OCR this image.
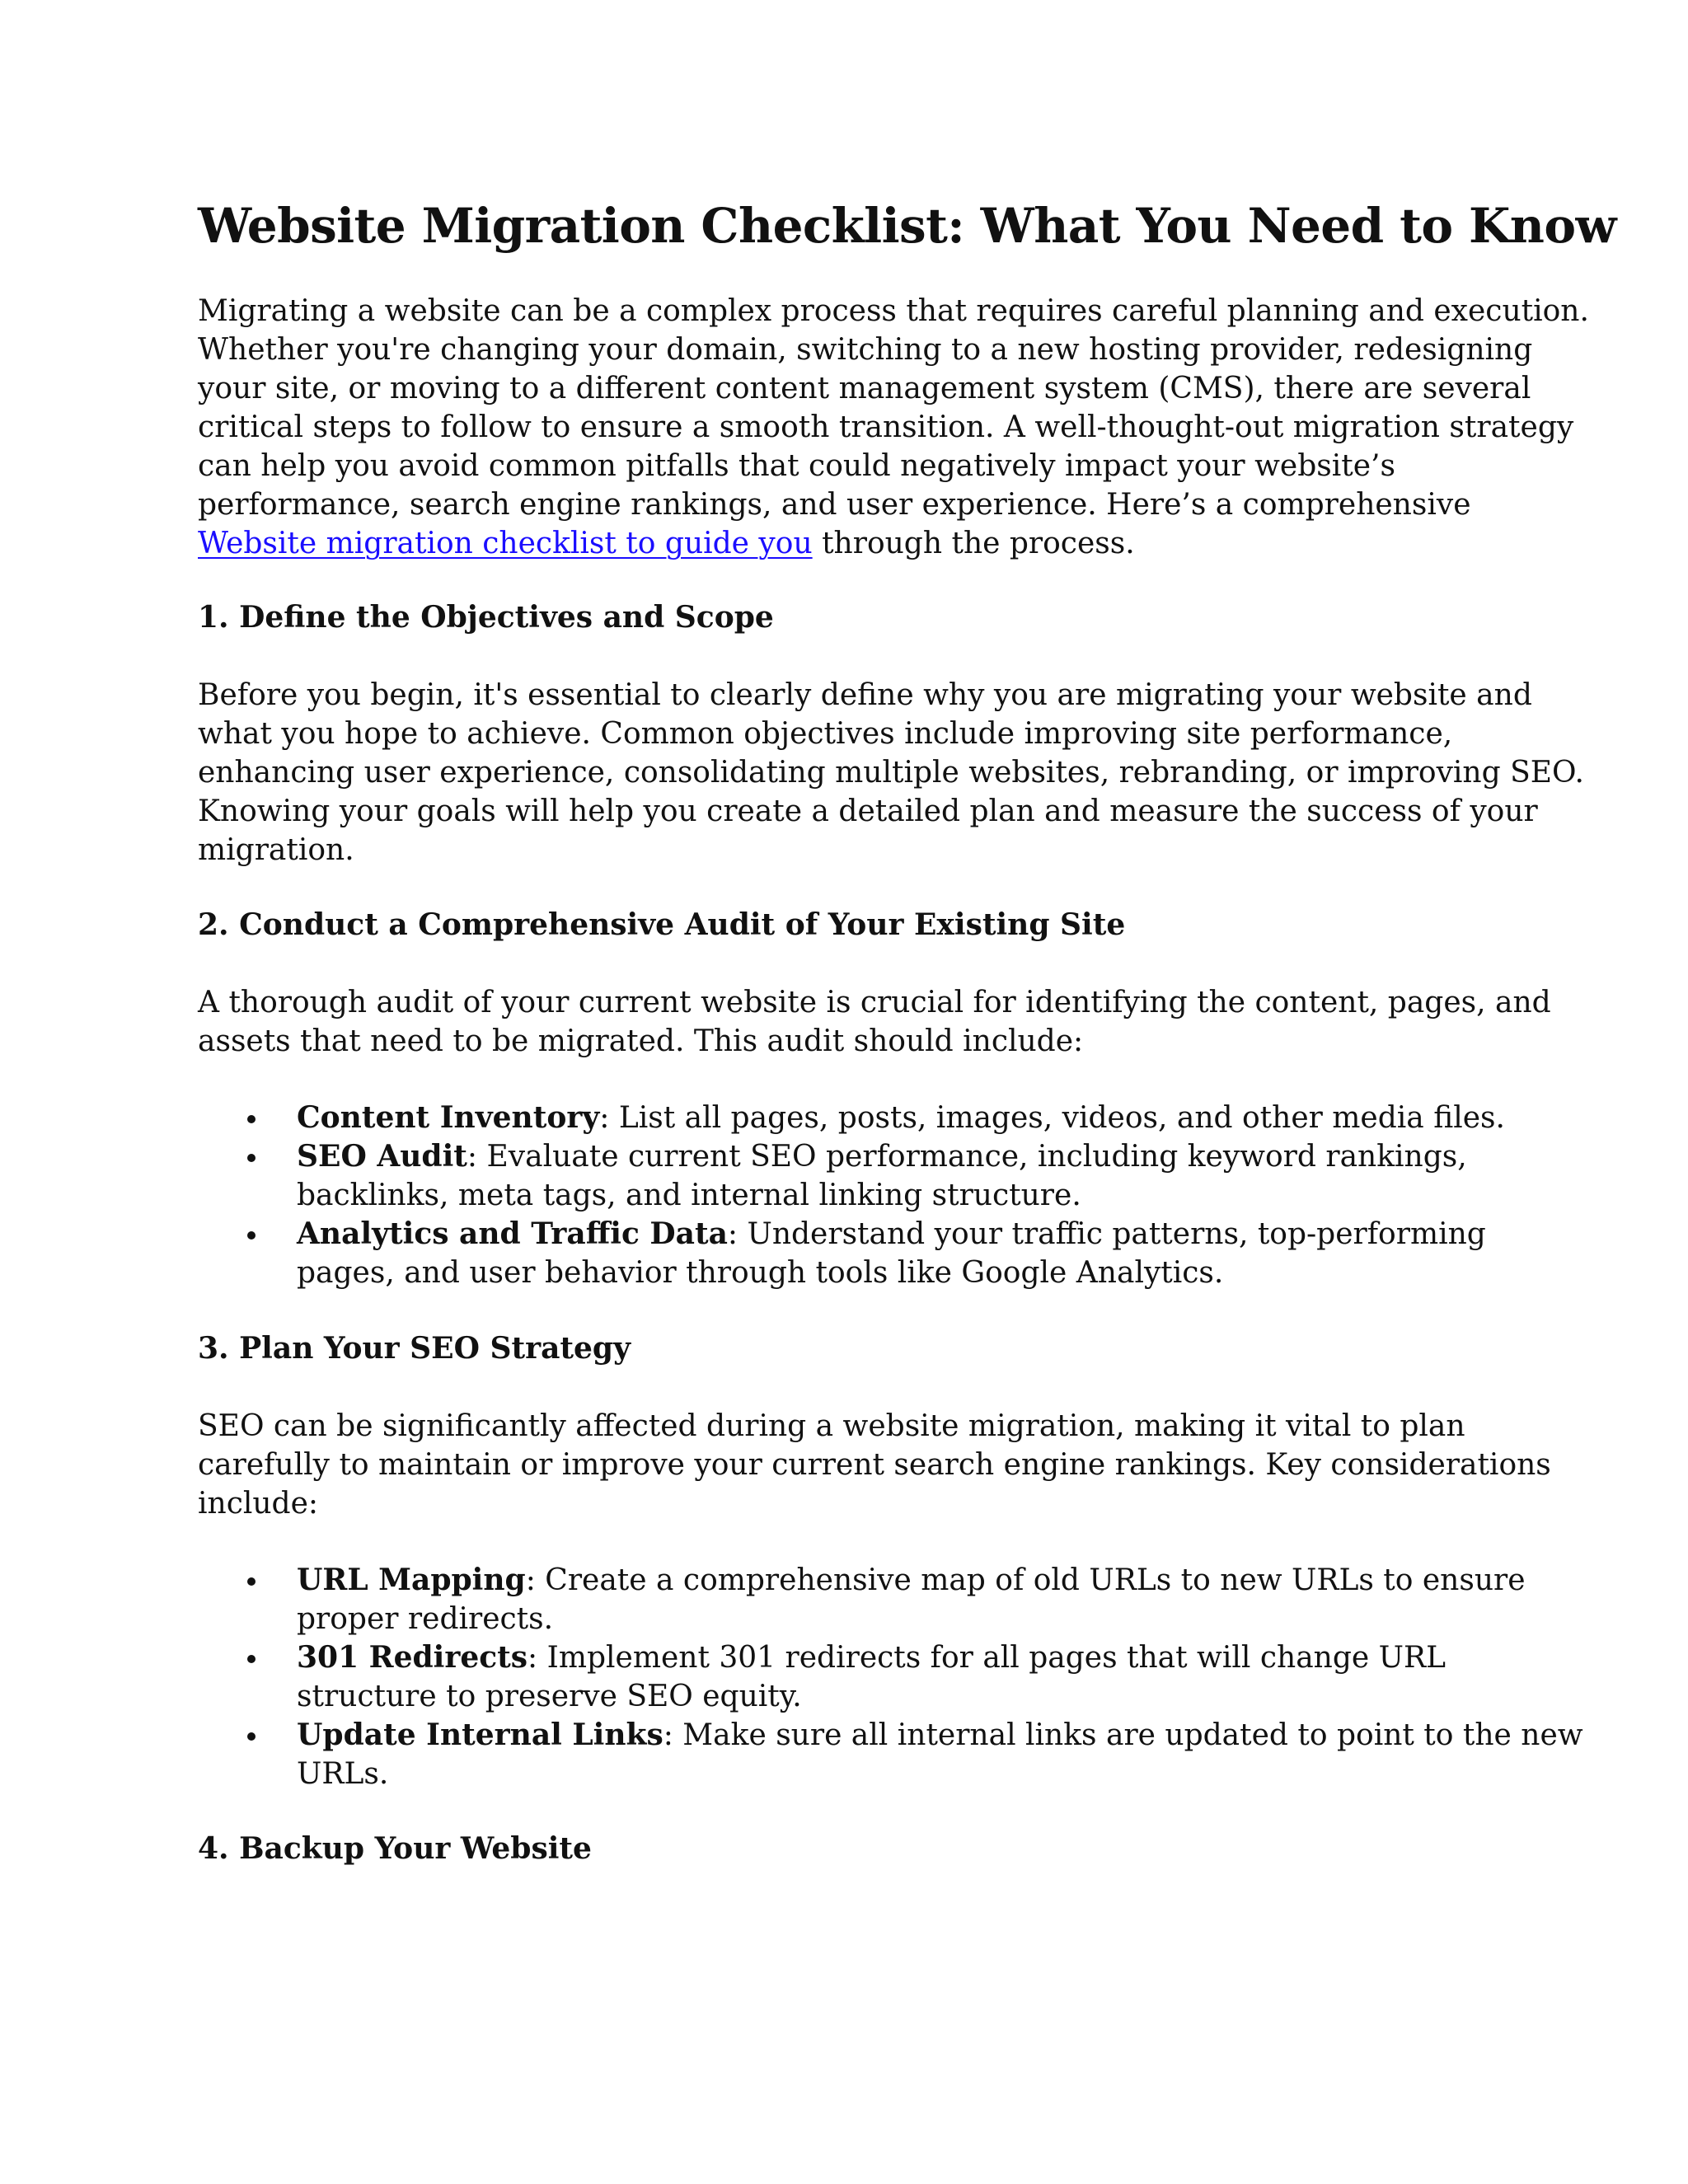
Website Migration Checklist: What You Need to Know

Migrating a website can be a complex process that requires careful planning and execution.
Whether you're changing your domain, switching to a new hosting provider, redesigning
your site, or moving to a different content management system (CMS), there are several
critical steps to follow to ensure a smooth transition. A well-thought-out migration strategy
can help you avoid common pitfalls that could negatively impact your website’s
performance, search engine rankings, and user experience. Here’s a comprehensive
Website migration checklist to guide you through the process.

1. Define the Objectives and Scope

Before you begin, it's essential to clearly define why you are migrating your website and
what you hope to achieve. Common objectives include improving site performance,
enhancing user experience, consolidating multiple websites, rebranding, or improving SEO.
Knowing your goals will help you create a detailed plan and measure the success of your
migration.

2. Conduct a Comprehensive Audit of Your Existing Site

A thorough audit of your current website is crucial for identifying the content, pages, and
assets that need to be migrated. This audit should include:

Content Inventory: List all pages, posts, images, videos, and other media files.
SEO Audit: Evaluate current SEO performance, including keyword rankings,
backlinks, meta tags, and internal linking structure.
Analytics and Traffic Data: Understand your traffic patterns, top-performing
pages, and user behavior through tools like Google Analytics.
3. Plan Your SEO Strategy

SEO can be significantly affected during a website migration, making it vital to plan
carefully to maintain or improve your current search engine rankings. Key considerations
include:

URL Mapping: Create a comprehensive map of old URLs to new URLs to ensure
proper redirects.
301 Redirects: Implement 301 redirects for all pages that will change URL
structure to preserve SEO equity.
Update Internal Links: Make sure all internal links are updated to point to the new
URLs.
4. Backup Your Website
